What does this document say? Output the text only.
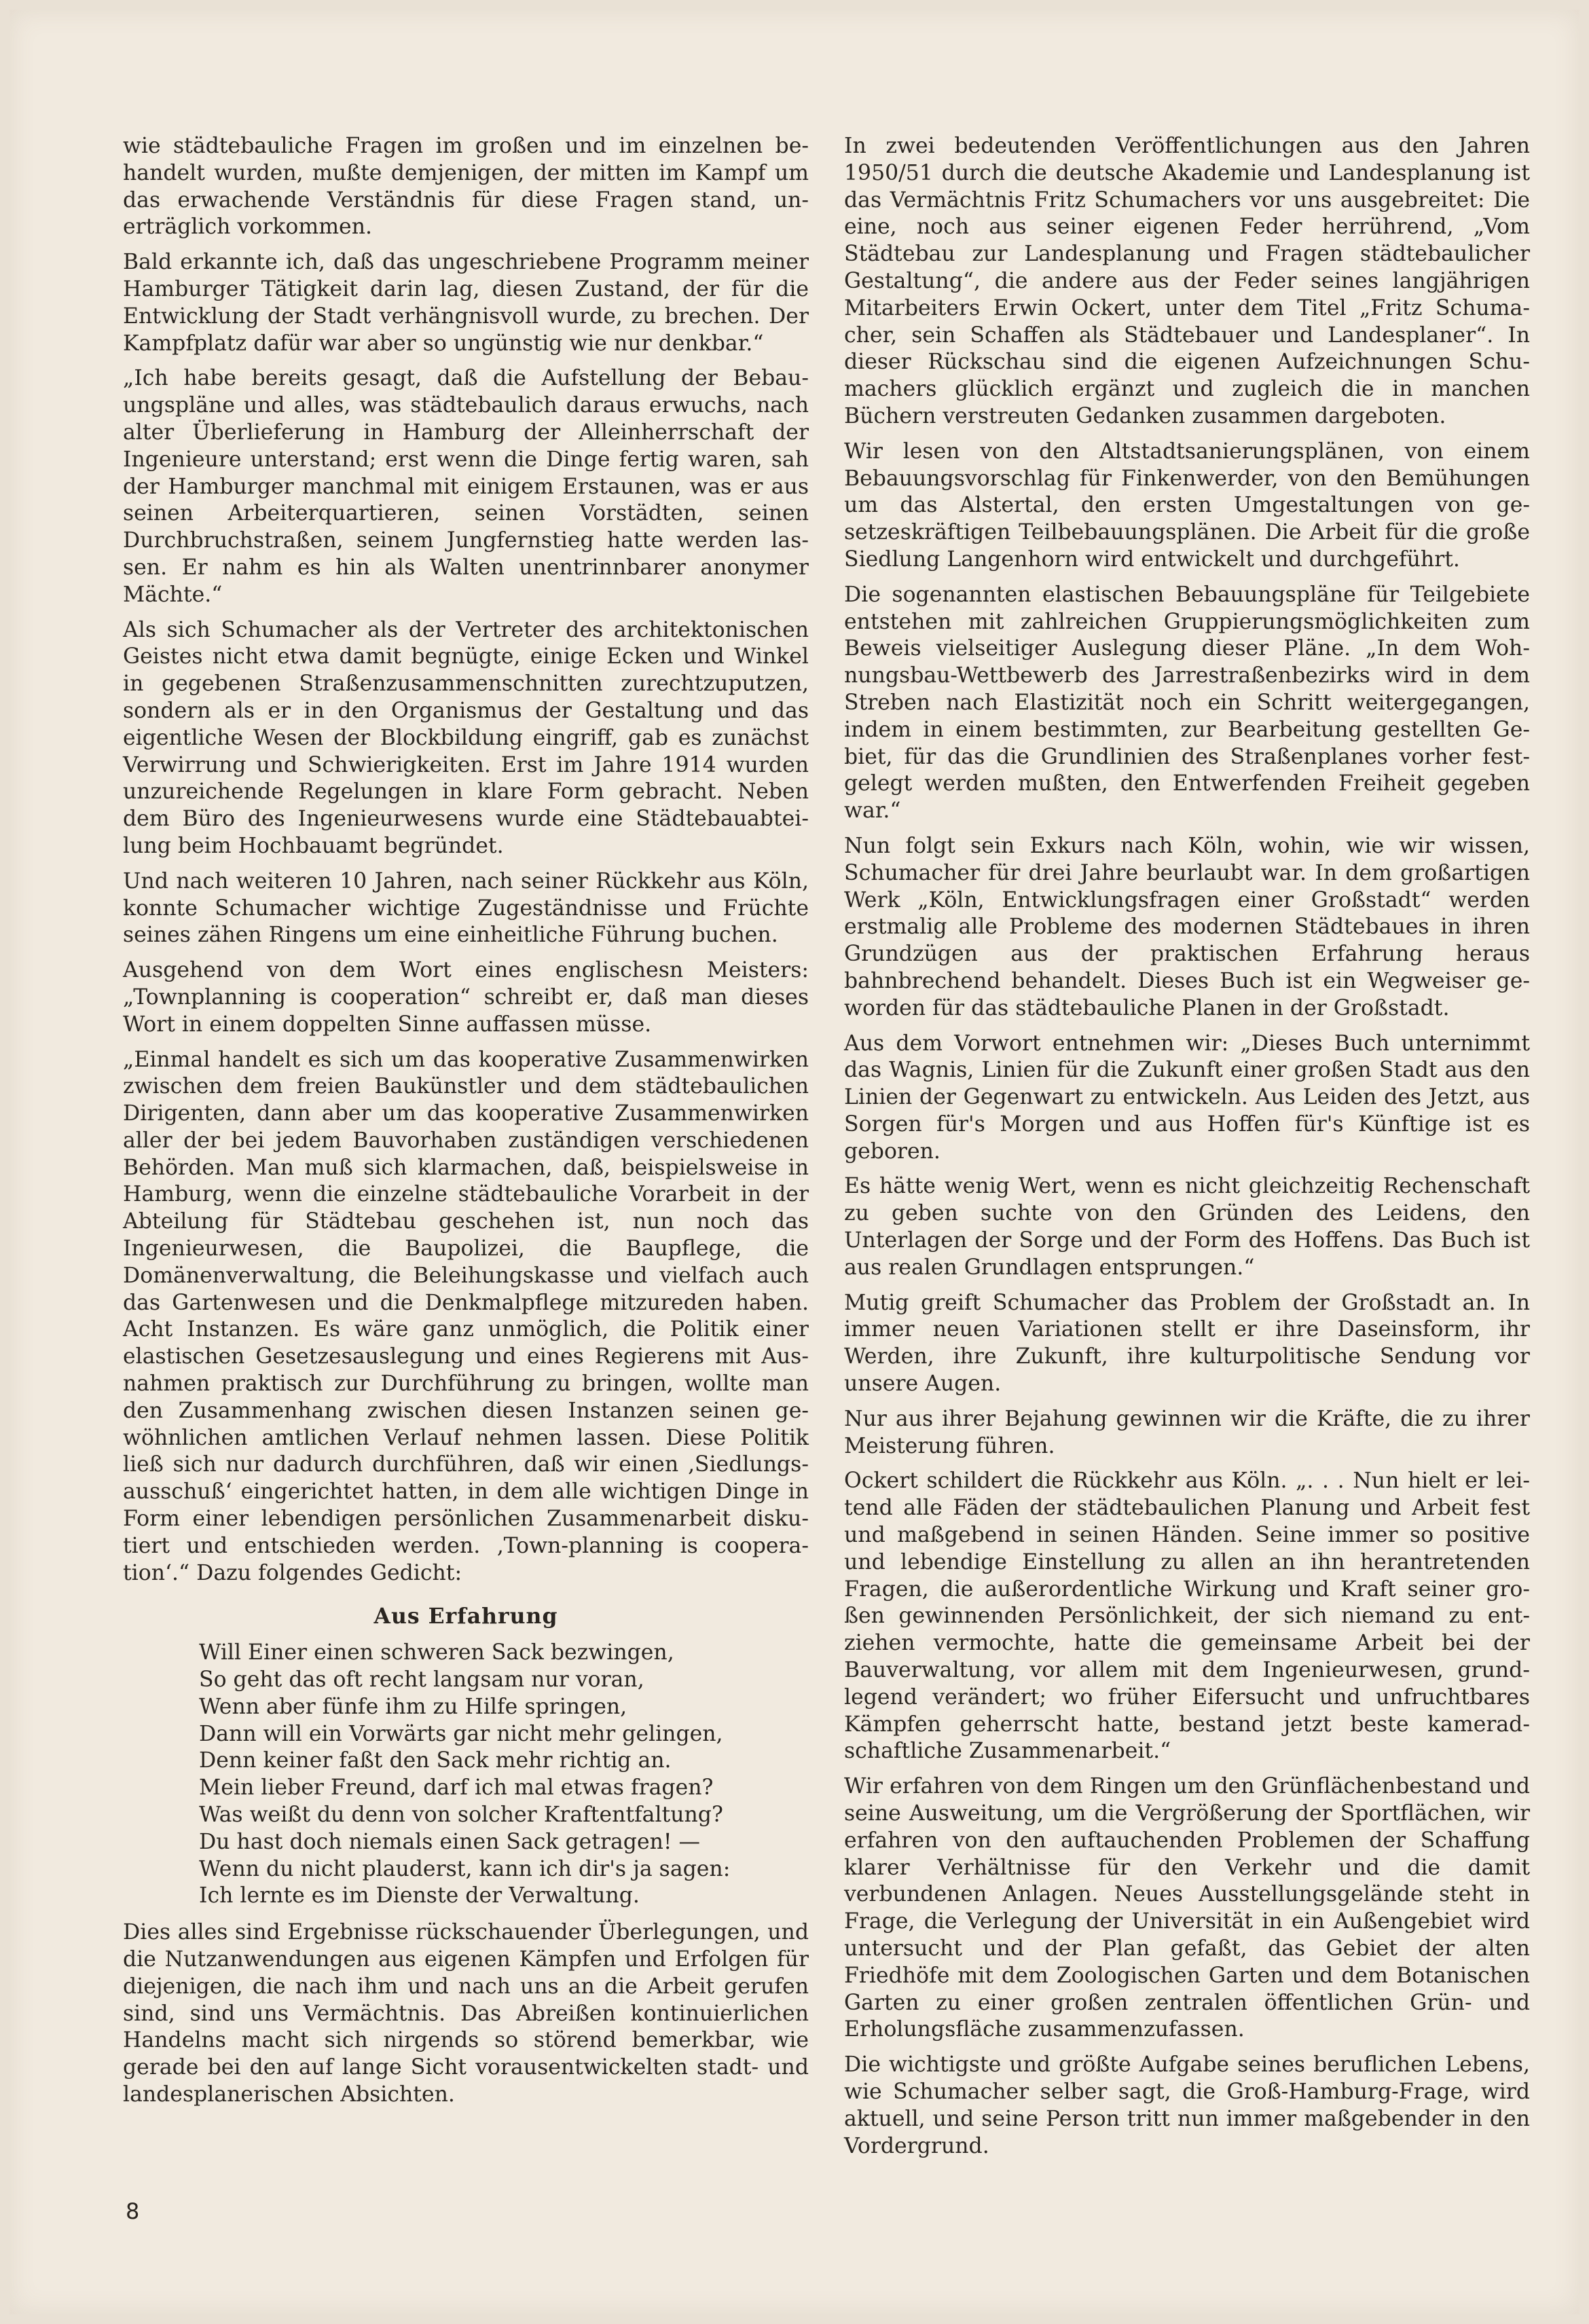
wie städtebauliche Fragen im großen und im einzelnen behandelt wurden, mußte demjenigen, der mitten im Kampf um das erwachende Verständnis für diese Fragen stand, unerträglich vorkommen.

Bald erkannte ich, daß das ungeschriebene Programm meiner Hamburger Tätigkeit darin lag, diesen Zustand, der für die Entwicklung der Stadt verhängnisvoll wurde, zu brechen. Der Kampfplatz dafür war aber so ungünstig wie nur denkbar.“

„Ich habe bereits gesagt, daß die Aufstellung der Bebauungspläne und alles, was städtebaulich daraus erwuchs, nach alter Überlieferung in Hamburg der Alleinherrschaft der Ingenieure unterstand; erst wenn die Dinge fertig waren, sah der Hamburger manchmal mit einigem Erstaunen, was er aus seinen Arbeiterquartieren, seinen Vorstädten, seinen Durchbruchstraßen, seinem Jungfernstieg hatte werden lassen. Er nahm es hin als Walten unentrinnbarer anonymer Mächte.“

Als sich Schumacher als der Vertreter des architektonischen Geistes nicht etwa damit begnügte, einige Ecken und Winkel in gegebenen Straßenzusammenschnitten zurechtzuputzen, sondern als er in den Organismus der Gestaltung und das eigentliche Wesen der Blockbildung eingriff, gab es zunächst Verwirrung und Schwierigkeiten. Erst im Jahre 1914 wurden unzureichende Regelungen in klare Form gebracht. Neben dem Büro des Ingenieurwesens wurde eine Städtebauabteilung beim Hochbauamt begründet.

Und nach weiteren 10 Jahren, nach seiner Rückkehr aus Köln, konnte Schumacher wichtige Zugeständnisse und Früchte seines zähen Ringens um eine einheitliche Führung buchen.

Ausgehend von dem Wort eines englischesn Meisters: „Townplanning is cooperation“ schreibt er, daß man dieses Wort in einem doppelten Sinne auffassen müsse.

„Einmal handelt es sich um das kooperative Zusammenwirken zwischen dem freien Baukünstler und dem städtebaulichen Dirigenten, dann aber um das kooperative Zusammenwirken aller der bei jedem Bauvorhaben zuständigen verschiedenen Behörden. Man muß sich klarmachen, daß, beispielsweise in Hamburg, wenn die einzelne städtebauliche Vorarbeit in der Abteilung für Städtebau geschehen ist, nun noch das Ingenieurwesen, die Baupolizei, die Baupflege, die Domänenverwaltung, die Beleihungskasse und vielfach auch das Gartenwesen und die Denkmalpflege mitzureden haben. Acht Instanzen. Es wäre ganz unmöglich, die Politik einer elastischen Gesetzesauslegung und eines Regierens mit Ausnahmen praktisch zur Durchführung zu bringen, wollte man den Zusammenhang zwischen diesen Instanzen seinen gewöhnlichen amtlichen Verlauf nehmen lassen. Diese Politik ließ sich nur dadurch durchführen, daß wir einen ‚Siedlungsausschuß‘ eingerichtet hatten, in dem alle wichtigen Dinge in Form einer lebendigen persönlichen Zusammenarbeit diskutiert und entschieden werden. ‚Town-planning is cooperation‘.“ Dazu folgendes Gedicht:

Aus Erfahrung
Will Einer einen schweren Sack bezwingen,
So geht das oft recht langsam nur voran,
Wenn aber fünfe ihm zu Hilfe springen,
Dann will ein Vorwärts gar nicht mehr gelingen,
Denn keiner faßt den Sack mehr richtig an.
Mein lieber Freund, darf ich mal etwas fragen?
Was weißt du denn von solcher Kraftentfaltung?
Du hast doch niemals einen Sack getragen! —
Wenn du nicht plauderst, kann ich dir's ja sagen:
Ich lernte es im Dienste der Verwaltung.

Dies alles sind Ergebnisse rückschauender Überlegungen, und die Nutzanwendungen aus eigenen Kämpfen und Erfolgen für diejenigen, die nach ihm und nach uns an die Arbeit gerufen sind, sind uns Vermächtnis. Das Abreißen kontinuierlichen Handelns macht sich nirgends so störend bemerkbar, wie gerade bei den auf lange Sicht vorausentwickelten stadt- und landesplanerischen Absichten.

In zwei bedeutenden Veröffentlichungen aus den Jahren 1950/51 durch die deutsche Akademie und Landesplanung ist das Vermächtnis Fritz Schumachers vor uns ausgebreitet: Die eine, noch aus seiner eigenen Feder herrührend, „Vom Städtebau zur Landesplanung und Fragen städtebaulicher Gestaltung“, die andere aus der Feder seines langjährigen Mitarbeiters Erwin Ockert, unter dem Titel „Fritz Schumacher, sein Schaffen als Städtebauer und Landesplaner“. In dieser Rückschau sind die eigenen Aufzeichnungen Schumachers glücklich ergänzt und zugleich die in manchen Büchern verstreuten Gedanken zusammen dargeboten.

Wir lesen von den Altstadtsanierungsplänen, von einem Bebauungsvorschlag für Finkenwerder, von den Bemühungen um das Alstertal, den ersten Umgestaltungen von gesetzeskräftigen Teilbebauungsplänen. Die Arbeit für die große Siedlung Langenhorn wird entwickelt und durchgeführt.

Die sogenannten elastischen Bebauungspläne für Teilgebiete entstehen mit zahlreichen Gruppierungsmöglichkeiten zum Beweis vielseitiger Auslegung dieser Pläne. „In dem Wohnungsbau-Wettbewerb des Jarrestraßenbezirks wird in dem Streben nach Elastizität noch ein Schritt weitergegangen, indem in einem bestimmten, zur Bearbeitung gestellten Gebiet, für das die Grundlinien des Straßenplanes vorher festgelegt werden mußten, den Entwerfenden Freiheit gegeben war.“

Nun folgt sein Exkurs nach Köln, wohin, wie wir wissen, Schumacher für drei Jahre beurlaubt war. In dem großartigen Werk „Köln, Entwicklungsfragen einer Großstadt“ werden erstmalig alle Probleme des modernen Städtebaues in ihren Grundzügen aus der praktischen Erfahrung heraus bahnbrechend behandelt. Dieses Buch ist ein Wegweiser geworden für das städtebauliche Planen in der Großstadt.

Aus dem Vorwort entnehmen wir: „Dieses Buch unternimmt das Wagnis, Linien für die Zukunft einer großen Stadt aus den Linien der Gegenwart zu entwickeln. Aus Leiden des Jetzt, aus Sorgen für's Morgen und aus Hoffen für's Künftige ist es geboren.

Es hätte wenig Wert, wenn es nicht gleichzeitig Rechenschaft zu geben suchte von den Gründen des Leidens, den Unterlagen der Sorge und der Form des Hoffens. Das Buch ist aus realen Grundlagen entsprungen.“

Mutig greift Schumacher das Problem der Großstadt an. In immer neuen Variationen stellt er ihre Daseinsform, ihr Werden, ihre Zukunft, ihre kulturpolitische Sendung vor unsere Augen.

Nur aus ihrer Bejahung gewinnen wir die Kräfte, die zu ihrer Meisterung führen.

Ockert schildert die Rückkehr aus Köln. „. . . Nun hielt er leitend alle Fäden der städtebaulichen Planung und Arbeit fest und maßgebend in seinen Händen. Seine immer so positive und lebendige Einstellung zu allen an ihn herantretenden Fragen, die außerordentliche Wirkung und Kraft seiner großen gewinnenden Persönlichkeit, der sich niemand zu entziehen vermochte, hatte die gemeinsame Arbeit bei der Bauverwaltung, vor allem mit dem Ingenieurwesen, grundlegend verändert; wo früher Eifersucht und unfruchtbares Kämpfen geherrscht hatte, bestand jetzt beste kameradschaftliche Zusammenarbeit.“

Wir erfahren von dem Ringen um den Grünflächenbestand und seine Ausweitung, um die Vergrößerung der Sportflächen, wir erfahren von den auftauchenden Problemen der Schaffung klarer Verhältnisse für den Verkehr und die damit verbundenen Anlagen. Neues Ausstellungsgelände steht in Frage, die Verlegung der Universität in ein Außengebiet wird untersucht und der Plan gefaßt, das Gebiet der alten Friedhöfe mit dem Zoologischen Garten und dem Botanischen Garten zu einer großen zentralen öffentlichen Grün- und Erholungsfläche zusammenzufassen.

Die wichtigste und größte Aufgabe seines beruflichen Lebens, wie Schumacher selber sagt, die Groß-Hamburg-Frage, wird aktuell, und seine Person tritt nun immer maßgebender in den Vordergrund.

8
